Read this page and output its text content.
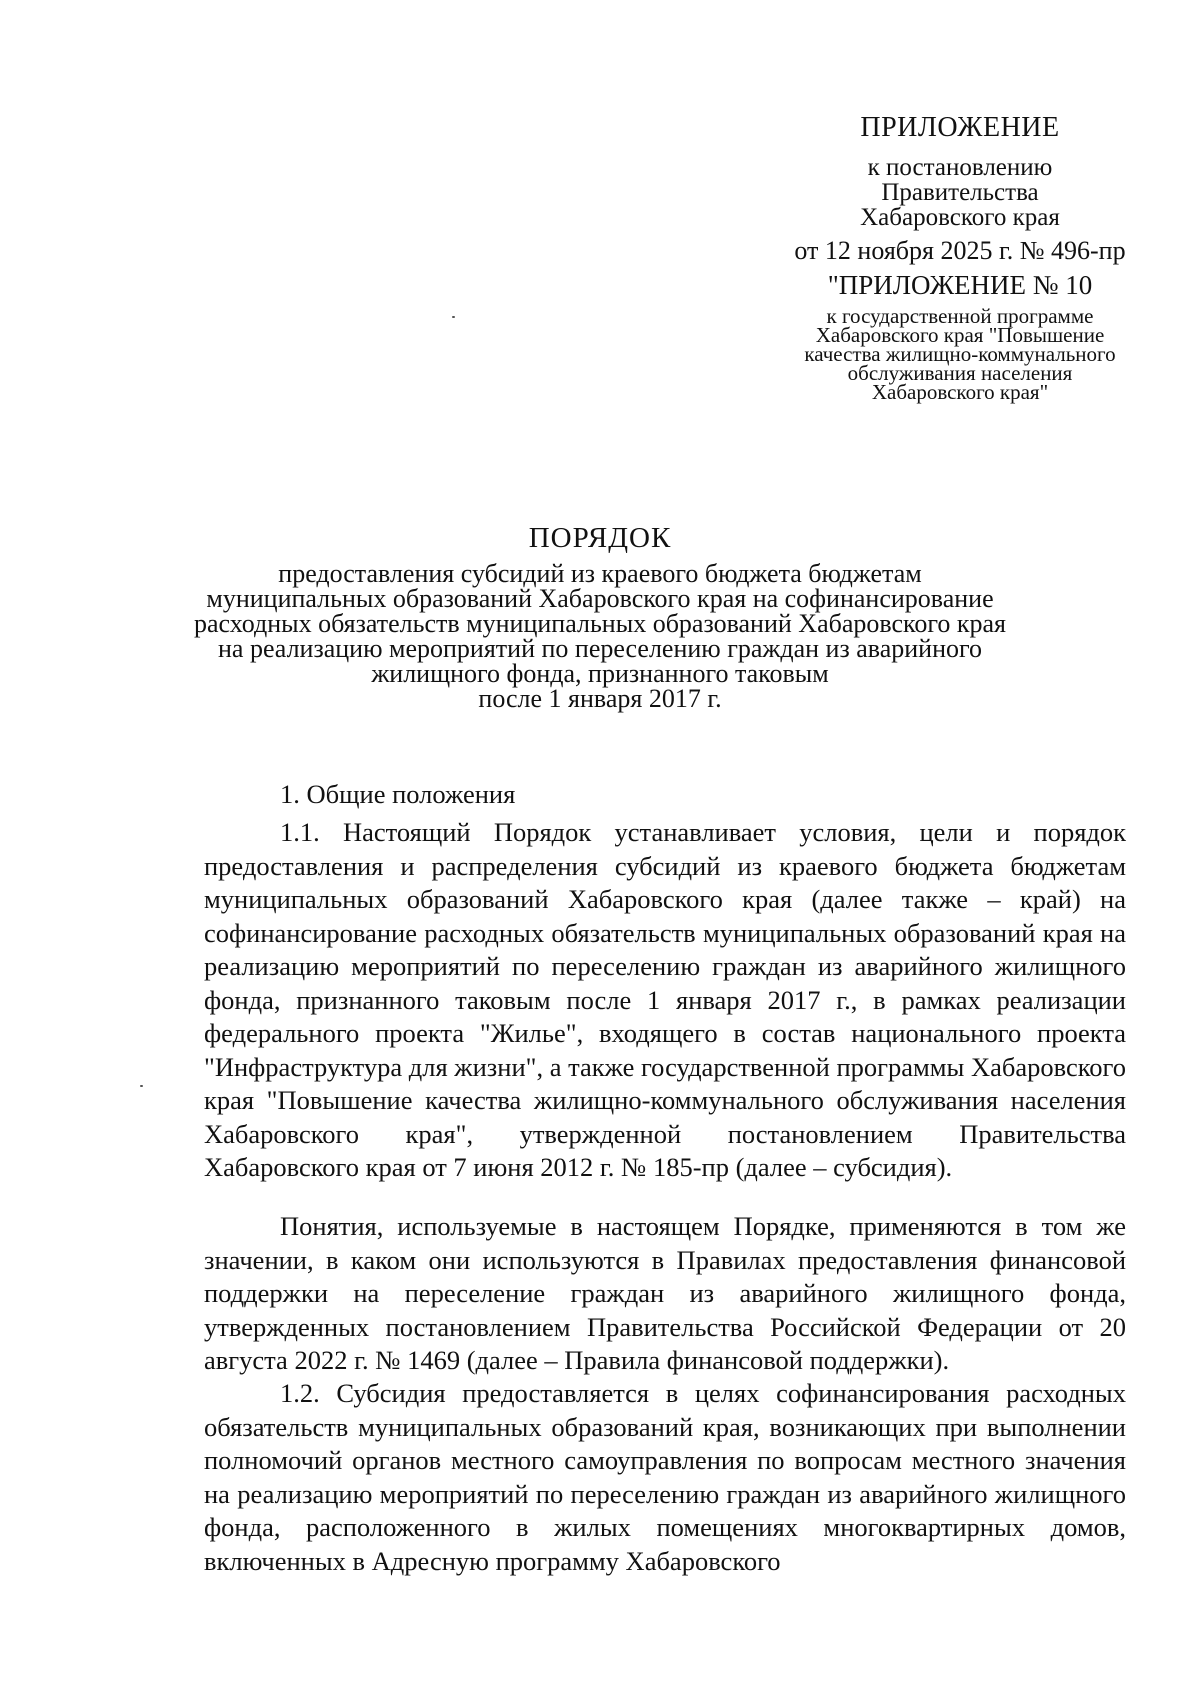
ПРИЛОЖЕНИЕ
к постановлению
Правительства
Хабаровского края
от 12 ноября 2025 г. № 496-пр
"ПРИЛОЖЕНИЕ № 10
к государственной программе
Хабаровского края "Повышение
качества жилищно-коммунального
обслуживания населения
Хабаровского края"
ПОРЯДОК
предоставления субсидий из краевого бюджета бюджетам
муниципальных образований Хабаровского края на софинансирование
расходных обязательств муниципальных образований Хабаровского края
на реализацию мероприятий по переселению граждан из аварийного
жилищного фонда, признанного таковым
после 1 января 2017 г.
1. Общие положения

1.1. Настоящий Порядок устанавливает условия, цели и порядок предоставления и распределения субсидий из краевого бюджета бюджетам муниципальных образований Хабаровского края (далее также – край) на софинансирование расходных обязательств муниципальных образований края на реализацию мероприятий по переселению граждан из аварийного жилищного фонда, признанного таковым после 1 января 2017 г., в рамках реализации федерального проекта "Жилье", входящего в состав национального проекта "Инфраструктура для жизни", а также государственной программы Хабаровского края "Повышение качества жилищно-коммунального обслуживания населения Хабаровского края", утвержденной постановлением Правительства Хабаровского края от 7 июня 2012 г. № 185-пр (далее – субсидия).

Понятия, используемые в настоящем Порядке, применяются в том же значении, в каком они используются в Правилах предоставления финансовой поддержки на переселение граждан из аварийного жилищного фонда, утвержденных постановлением Правительства Российской Федерации от 20 августа 2022 г. № 1469 (далее – Правила финансовой поддержки).

1.2. Субсидия предоставляется в целях софинансирования расходных обязательств муниципальных образований края, возникающих при выполнении полномочий органов местного самоуправления по вопросам местного значения на реализацию мероприятий по переселению граждан из аварийного жилищного фонда, расположенного в жилых помещениях многоквартирных домов, включенных в Адресную программу Хабаровского
